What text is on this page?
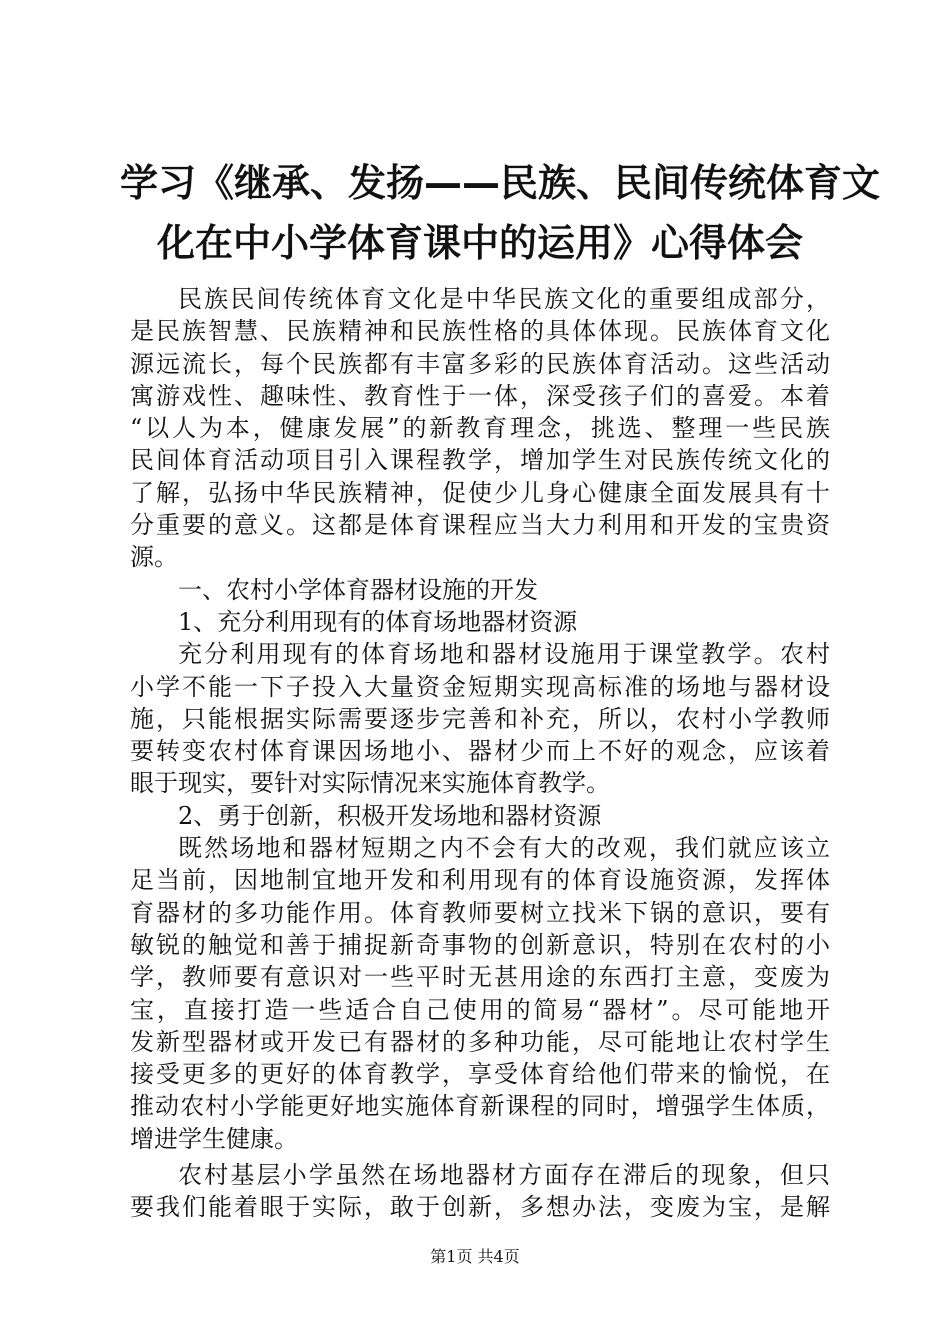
学习《继承、发扬——民族、民间传统体育文
化在中小学体育课中的运用》心得体会
民族民间传统体育文化是中华民族文化的重要组成部分，
是民族智慧、民族精神和民族性格的具体体现。民族体育文化
源远流长，每个民族都有丰富多彩的民族体育活动。这些活动
寓游戏性、趣味性、教育性于一体，深受孩子们的喜爱。本着
“以人为本，健康发展”的新教育理念，挑选、整理一些民族
民间体育活动项目引入课程教学，增加学生对民族传统文化的
了解，弘扬中华民族精神，促使少儿身心健康全面发展具有十
分重要的意义。这都是体育课程应当大力利用和开发的宝贵资
源。
一、农村小学体育器材设施的开发
1、充分利用现有的体育场地器材资源
充分利用现有的体育场地和器材设施用于课堂教学。农村
小学不能一下子投入大量资金短期实现高标准的场地与器材设
施，只能根据实际需要逐步完善和补充，所以，农村小学教师
要转变农村体育课因场地小、器材少而上不好的观念，应该着
眼于现实，要针对实际情况来实施体育教学。
2、勇于创新，积极开发场地和器材资源
既然场地和器材短期之内不会有大的改观，我们就应该立
足当前，因地制宜地开发和利用现有的体育设施资源，发挥体
育器材的多功能作用。体育教师要树立找米下锅的意识，要有
敏锐的触觉和善于捕捉新奇事物的创新意识，特别在农村的小
学，教师要有意识对一些平时无甚用途的东西打主意，变废为
宝，直接打造一些适合自己使用的简易“器材”。尽可能地开
发新型器材或开发已有器材的多种功能，尽可能地让农村学生
接受更多的更好的体育教学，享受体育给他们带来的愉悦，在
推动农村小学能更好地实施体育新课程的同时，增强学生体质，
增进学生健康。
农村基层小学虽然在场地器材方面存在滞后的现象，但只
要我们能着眼于实际，敢于创新，多想办法，变废为宝，是解
第1页 共4页
